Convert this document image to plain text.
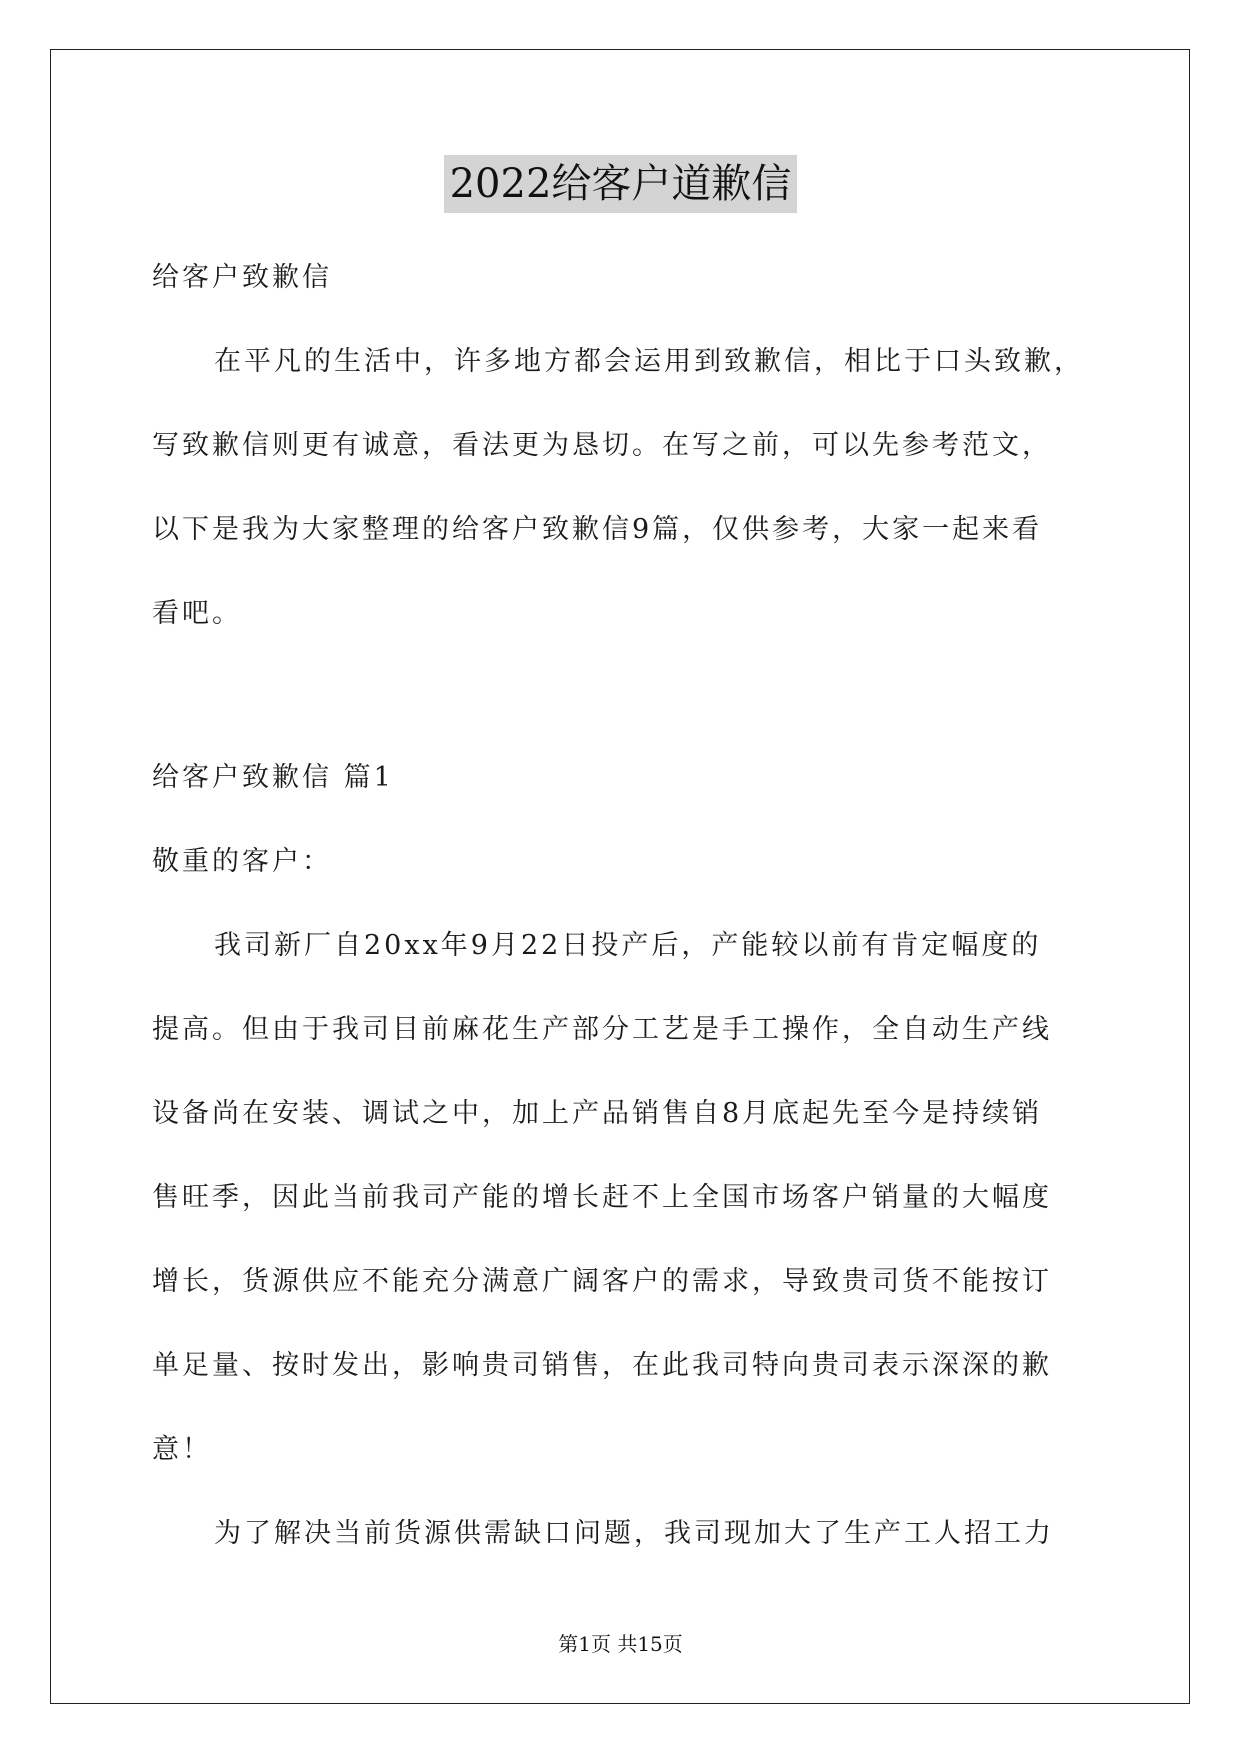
2022给客户道歉信
给客户致歉信
在平凡的生活中，许多地方都会运用到致歉信，相比于口头致歉，
写致歉信则更有诚意，看法更为恳切。在写之前，可以先参考范文，
以下是我为大家整理的给客户致歉信9篇，仅供参考，大家一起来看
看吧。
给客户致歉信 篇1
敬重的客户：
我司新厂自20xx年9月22日投产后，产能较以前有肯定幅度的
提高。但由于我司目前麻花生产部分工艺是手工操作，全自动生产线
设备尚在安装、调试之中，加上产品销售自8月底起先至今是持续销
售旺季，因此当前我司产能的增长赶不上全国市场客户销量的大幅度
增长，货源供应不能充分满意广阔客户的需求，导致贵司货不能按订
单足量、按时发出，影响贵司销售，在此我司特向贵司表示深深的歉
意！
为了解决当前货源供需缺口问题，我司现加大了生产工人招工力
第1页 共15页
